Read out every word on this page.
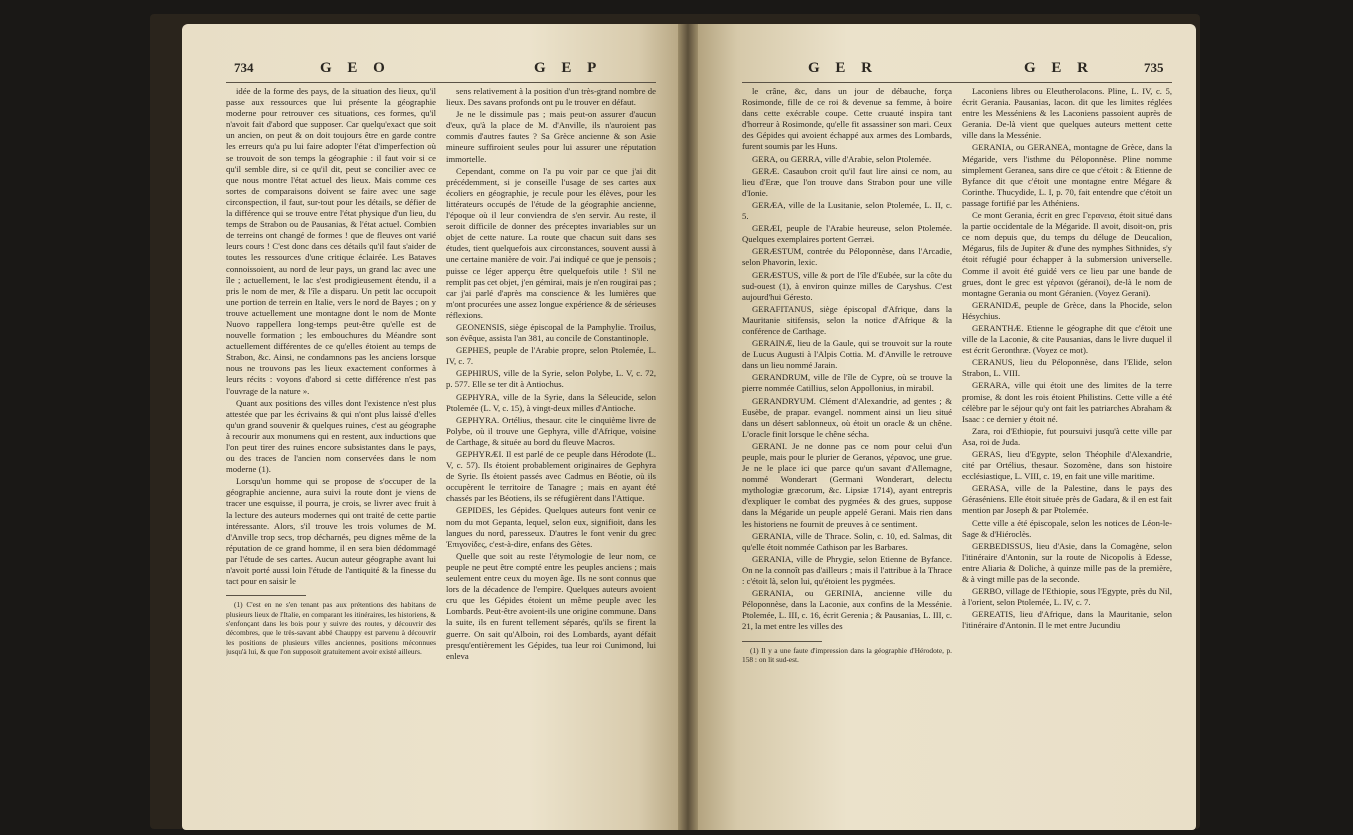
734	G E O	G E P

idée de la forme des pays, de la situation des lieux, qu'il passe aux ressources que lui présente la géographie moderne pour retrouver ces situations, ces formes, qu'il n'avoit fait d'abord que supposer. Car quelqu'exact que soit un ancien, on peut & on doit toujours être en garde contre les erreurs qu'a pu lui faire adopter l'état d'imperfection où se trouvoit de son temps la géographie : il faut voir si ce qu'il semble dire, si ce qu'il dit, peut se concilier avec ce que nous montre l'état actuel des lieux. Mais comme ces sortes de comparaisons doivent se faire avec une sage circonspection, il faut, sur-tout pour les détails, se défier de la différence qui se trouve entre l'état physique d'un lieu, du temps de Strabon ou de Pausanias, & l'état actuel. Combien de terreins ont changé de formes ! que de fleuves ont varié leurs cours ! C'est donc dans ces détails qu'il faut s'aider de toutes les ressources d'une critique éclairée. Les Bataves connoissoient, au nord de leur pays, un grand lac avec une île ; actuellement, le lac s'est prodigieusement étendu, il a pris le nom de mer, & l'île a disparu. Un petit lac occupoit une portion de terrein en Italie, vers le nord de Bayes ; on y trouve actuellement une montagne dont le nom de Monte Nuovo rappellera long-temps peut-être qu'elle est de nouvelle formation ; les embouchures du Méandre sont actuellement différentes de ce qu'elles étoient au temps de Strabon, &c. Ainsi, ne condamnons pas les anciens lorsque nous ne trouvons pas les lieux exactement conformes à leurs récits : voyons d'abord si cette différence n'est pas l'ouvrage de la nature ».

Quant aux positions des villes dont l'existence n'est plus attestée que par les écrivains & qui n'ont plus laissé d'elles qu'un grand souvenir & quelques ruines, c'est au géographe à recourir aux monumens qui en restent, aux inductions que l'on peut tirer des ruines encore subsistantes dans le pays, ou des traces de l'ancien nom conservées dans le nom moderne (1).

Lorsqu'un homme qui se propose de s'occuper de la géographie ancienne, aura suivi la route dont je viens de tracer une esquisse, il pourra, je crois, se livrer avec fruit à la lecture des auteurs modernes qui ont traité de cette partie intéressante. Alors, s'il trouve les trois volumes de M. d'Anville trop secs, trop décharnés, peu dignes même de la réputation de ce grand homme, il en sera bien dédommagé par l'étude de ses cartes. Aucun auteur géographe avant lui n'avoit porté aussi loin l'étude de l'antiquité & la finesse du tact pour en saisir le

(1) C'est en ne s'en tenant pas aux prétentions des habitans de plusieurs lieux de l'Italie, en comparant les itinéraires, les historiens, & s'enfonçant dans les bois pour y suivre des routes, y découvrir des décombres, que le très-savant abbé Chauppy est parvenu à découvrir les positions de plusieurs villes anciennes, positions méconnues jusqu'à lui, & que l'on supposoit gratuitement avoir existé ailleurs.

sens relativement à la position d'un très-grand nombre de lieux. Des savans profonds ont pu le trouver en défaut.

Je ne le dissimule pas ; mais peut-on assurer d'aucun d'eux, qu'à la place de M. d'Anville, ils n'auroient pas commis d'autres fautes ? Sa Grèce ancienne & son Asie mineure suffiroient seules pour lui assurer une réputation immortelle.

Cependant, comme on l'a pu voir par ce que j'ai dit précédemment, si je conseille l'usage de ses cartes aux écoliers en géographie, je recule pour les élèves, pour les littérateurs occupés de l'étude de la géographie ancienne, l'époque où il leur conviendra de s'en servir. Au reste, il seroit difficile de donner des préceptes invariables sur un objet de cette nature. La route que chacun suit dans ses études, tient quelquefois aux circonstances, souvent aussi à une certaine manière de voir. J'ai indiqué ce que je pensois ; puisse ce léger apperçu être quelquefois utile ! S'il ne remplit pas cet objet, j'en gémirai, mais je n'en rougirai pas ; car j'ai parlé d'après ma conscience & les lumières que m'ont procurées une assez longue expérience & de sérieuses réflexions.

GEONENSIS, siège épiscopal de la Pamphylie. Troilus, son évêque, assista l'an 381, au concile de Constantinople.

GEPHES, peuple de l'Arabie propre, selon Ptolemée, L. IV, c. 7.

GEPHIRUS, ville de la Syrie, selon Polybe, L. V, c. 72, p. 577. Elle se ter dit à Antiochus.

GEPHYRA, ville de la Syrie, dans la Séleucide, selon Ptolemée (L. V, c. 15), à vingt-deux milles d'Antioche.

GEPHYRA. Ortélius, thesaur. cite le cinquième livre de Polybe, où il trouve une Gephyra, ville d'Afrique, voisine de Carthage, & située au bord du fleuve Macros.

GEPHYRÆI. Il est parlé de ce peuple dans Hérodote (L. V, c. 57). Ils étoient probablement originaires de Gephyra de Syrie. Ils étoient passés avec Cadmus en Béotie, où ils occupèrent le territoire de Tanagre ; mais en ayant été chassés par les Béotiens, ils se réfugièrent dans l'Attique.

GEPIDES, les Gépides. Quelques auteurs font venir ce nom du mot Gepanta, lequel, selon eux, signifioit, dans les langues du nord, paresseux. D'autres le font venir du grec Ἐπιγονίδες, c'est-à-dire, enfans des Gètes.

Quelle que soit au reste l'étymologie de leur nom, ce peuple ne peut être compté entre les peuples anciens ; mais seulement entre ceux du moyen âge. Ils ne sont connus que lors de la décadence de l'empire. Quelques auteurs avoient cru que les Gépides étoient un même peuple avec les Lombards. Peut-être avoient-ils une origine commune. Dans la suite, ils en furent tellement séparés, qu'ils se firent la guerre. On sait qu'Alboin, roi des Lombards, ayant défait presqu'entièrement les Gépides, tua leur roi Cunimond, lui enleva

G E R	G E R	735

le crâne, &c, dans un jour de débauche, força Rosimonde, fille de ce roi & devenue sa femme, à boire dans cette exécrable coupe. Cette cruauté inspira tant d'horreur à Rosimonde, qu'elle fit assassiner son mari. Ceux des Gépides qui avoient échappé aux armes des Lombards, furent soumis par les Huns.

GERA, ou GERRA, ville d'Arabie, selon Ptolemée.

GERÆ. Casaubon croit qu'il faut lire ainsi ce nom, au lieu d'Eræ, que l'on trouve dans Strabon pour une ville d'Ionie.

GERÆA, ville de la Lusitanie, selon Ptolemée, L. II, c. 5.

GERÆI, peuple de l'Arabie heureuse, selon Ptolemée. Quelques exemplaires portent Gerræi.

GERÆSTUM, contrée du Péloponnèse, dans l'Arcadie, selon Phavorin, lexic.

GERÆSTUS, ville & port de l'île d'Eubée, sur la côte du sud-ouest (1), à environ quinze milles de Caryshus. C'est aujourd'hui Géresto.

GERAFITANUS, siège épiscopal d'Afrique, dans la Mauritanie sitifensis, selon la notice d'Afrique & la conférence de Carthage.

GERAINÆ, lieu de la Gaule, qui se trouvoit sur la route de Lucus Augusti à l'Alpis Cottia. M. d'Anville le retrouve dans un lieu nommé Jarain.

GERANDRUM, ville de l'île de Cypre, où se trouve la pierre nommée Catillius, selon Appollonius, in mirabil.

GERANDRYUM. Clément d'Alexandrie, ad gentes ; & Eusèbe, de prapar. evangel. nomment ainsi un lieu situé dans un désert sablonneux, où étoit un oracle & un chêne. L'oracle finit lorsque le chêne sécha.

GERANI. Je ne donne pas ce nom pour celui d'un peuple, mais pour le plurier de Geranos, γέρανος, une grue. Je ne le place ici que parce qu'un savant d'Allemagne, nommé Wonderart (Germani Wonderart, delectu mythologiæ græcorum, &c. Lipsiæ 1714), ayant entrepris d'expliquer le combat des pygmées & des grues, suppose dans la Mégaride un peuple appelé Gerani. Mais rien dans les historiens ne fournit de preuves à ce sentiment.

GERANIA, ville de Thrace. Solin, c. 10, ed. Salmas, dit qu'elle étoit nommée Cathison par les Barbares.

GERANIA, ville de Phrygie, selon Etienne de Byfance. On ne la connoît pas d'ailleurs ; mais il l'attribue à la Thrace : c'étoit là, selon lui, qu'étoient les pygmées.

GERANIA, ou GERINIA, ancienne ville du Péloponnèse, dans la Laconie, aux confins de la Messénie. Ptolemée, L. III, c. 16, écrit Gerenia ; & Pausanias, L. III, c. 21, la met entre les villes des

(1) Il y a une faute d'impression dans la géographie d'Hérodote, p. 158 : on lit sud-est.

Laconiens libres ou Eleutherolacons. Pline, L. IV, c. 5, écrit Gerania. Pausanias, lacon. dit que les limites réglées entre les Messéniens & les Laconiens passoient auprès de Gerania. De-là vient que quelques auteurs mettent cette ville dans la Messénie.

GERANIA, ou GERANEA, montagne de Grèce, dans la Mégaride, vers l'isthme du Péloponnèse. Pline nomme simplement Geranea, sans dire ce que c'étoit : & Etienne de Byfance dit que c'étoit une montagne entre Mégare & Corinthe. Thucydide, L. I, p. 70, fait entendre que c'étoit un passage fortifié par les Athéniens.

Ce mont Gerania, écrit en grec Γερανεια, étoit situé dans la partie occidentale de la Mégaride. Il avoit, disoit-on, pris ce nom depuis que, du temps du déluge de Deucalion, Mégarus, fils de Jupiter & d'une des nymphes Sithnides, s'y étoit réfugié pour échapper à la submersion universelle. Comme il avoit été guidé vers ce lieu par une bande de grues, dont le grec est γέρανοι (géranoi), de-là le nom de montagne Gerania ou mont Géranien. (Voyez Gerani).

GERANIDÆ, peuple de Grèce, dans la Phocide, selon Hésychius.

GERANTHÆ. Etienne le géographe dit que c'étoit une ville de la Laconie, & cite Pausanias, dans le livre duquel il est écrit Geronthræ. (Voyez ce mot).

CERANUS, lieu du Péloponnèse, dans l'Elide, selon Strabon, L. VIII.

GERARA, ville qui étoit une des limites de la terre promise, & dont les rois étoient Philistins. Cette ville a été célèbre par le séjour qu'y ont fait les patriarches Abraham & Isaac : ce dernier y étoit né.

Zara, roi d'Ethiopie, fut poursuivi jusqu'à cette ville par Asa, roi de Juda.

GERAS, lieu d'Egypte, selon Théophile d'Alexandrie, cité par Ortélius, thesaur. Sozomène, dans son histoire ecclésiastique, L. VIII, c. 19, en fait une ville maritime.

GERASA, ville de la Palestine, dans le pays des Géraséniens. Elle étoit située près de Gadara, & il en est fait mention par Joseph & par Ptolemée.

Cette ville a été épiscopale, selon les notices de Léon-le-Sage & d'Hiéroclès.

GERBEDISSUS, lieu d'Asie, dans la Comagène, selon l'itinéraire d'Antonin, sur la route de Nicopolis à Edesse, entre Aliaria & Doliche, à quinze mille pas de la première, & à vingt mille pas de la seconde.

GERBO, village de l'Ethiopie, sous l'Egypte, près du Nil, à l'orient, selon Ptolemée, L. IV, c. 7.

GEREATIS, lieu d'Afrique, dans la Mauritanie, selon l'itinéraire d'Antonin. Il le met entre Jucundiu
